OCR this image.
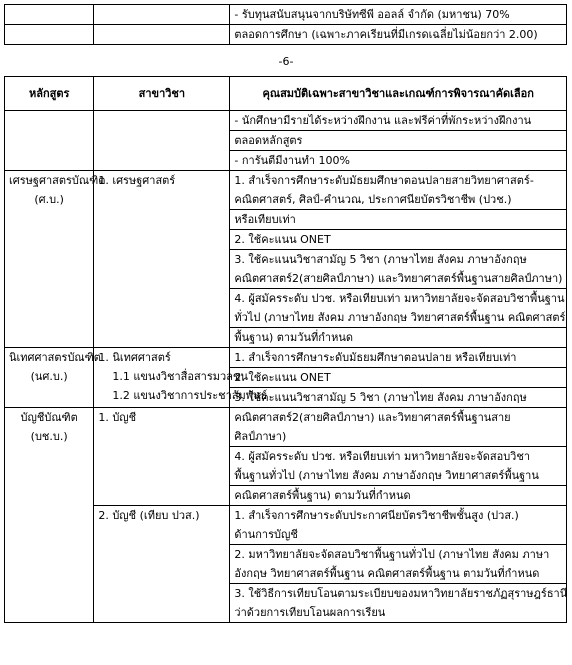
		- รับทุนสนับสนุนจากบริษัทซีพี ออลล์ จำกัด (มหาชน) 70%
		ตลอดการศึกษา (เฉพาะภาคเรียนที่มีเกรดเฉลี่ยไม่น้อยกว่า 2.00)
-6-
หลักสูตร	สาขาวิชา	คุณสมบัติเฉพาะสาขาวิชาและเกณฑ์การพิจารณาคัดเลือก
		- นักศึกษามีรายได้ระหว่างฝึกงาน และฟรีค่าที่พักระหว่างฝึกงาน
		ตลอดหลักสูตร
		- การันตีมีงานทำ 100%

เศรษฐศาสตรบัณฑิต
(ศ.บ.)	1. เศรษฐศาสตร์	1. สำเร็จการศึกษาระดับมัธยมศึกษาตอนปลายสายวิทยาศาสตร์-
คณิตศาสตร์, ศิลป์-คำนวณ, ประกาศนียบัตรวิชาชีพ (ปวช.)

		หรือเทียบเท่า
		2. ใช้คะแนน ONET

		3. ใช้คะแนนวิชาสามัญ 5 วิชา (ภาษาไทย สังคม ภาษาอังกฤษ
คณิตศาสตร์2(สายศิลป์ภาษา) และวิทยาศาสตร์พื้นฐานสายศิลป์ภาษา)

		4. ผู้สมัครระดับ ปวช. หรือเทียบเท่า มหาวิทยาลัยจะจัดสอบวิชาพื้นฐาน
ทั่วไป (ภาษาไทย สังคม ภาษาอังกฤษ วิทยาศาสตร์พื้นฐาน คณิตศาสตร์

		พื้นฐาน) ตามวันที่กำหนด

นิเทศศาสตรบัณฑิต
(นศ.บ.)	1. นิเทศศาสตร์
1.1 แขนงวิชาสื่อสารมวลชน
1.2 แขนงวิชาการประชาสัมพันธ์	1. สำเร็จการศึกษาระดับมัธยมศึกษาตอนปลาย หรือเทียบเท่า
		2. ใช้คะแนน ONET
		3. ใช้คะแนนวิชาสามัญ 5 วิชา (ภาษาไทย สังคม ภาษาอังกฤษ

บัญชีบัณฑิต
(บช.บ.)	1. บัญชี	คณิตศาสตร์2(สายศิลป์ภาษา) และวิทยาศาสตร์พื้นฐานสาย
ศิลป์ภาษา)

		4. ผู้สมัครระดับ ปวช. หรือเทียบเท่า มหาวิทยาลัยจะจัดสอบวิชา
พื้นฐานทั่วไป (ภาษาไทย สังคม ภาษาอังกฤษ วิทยาศาสตร์พื้นฐาน

		คณิตศาสตร์พื้นฐาน) ตามวันที่กำหนด
	2. บัญชี (เทียบ ปวส.)	1. สำเร็จการศึกษาระดับประกาศนียบัตรวิชาชีพชั้นสูง (ปวส.)
ด้านการบัญชี

		2. มหาวิทยาลัยจะจัดสอบวิชาพื้นฐานทั่วไป (ภาษาไทย สังคม ภาษา
อังกฤษ วิทยาศาสตร์พื้นฐาน คณิตศาสตร์พื้นฐาน ตามวันที่กำหนด

		3. ใช้วิธีการเทียบโอนตามระเบียบของมหาวิทยาลัยราชภัฏสุราษฎร์ธานี
ว่าด้วยการเทียบโอนผลการเรียน
